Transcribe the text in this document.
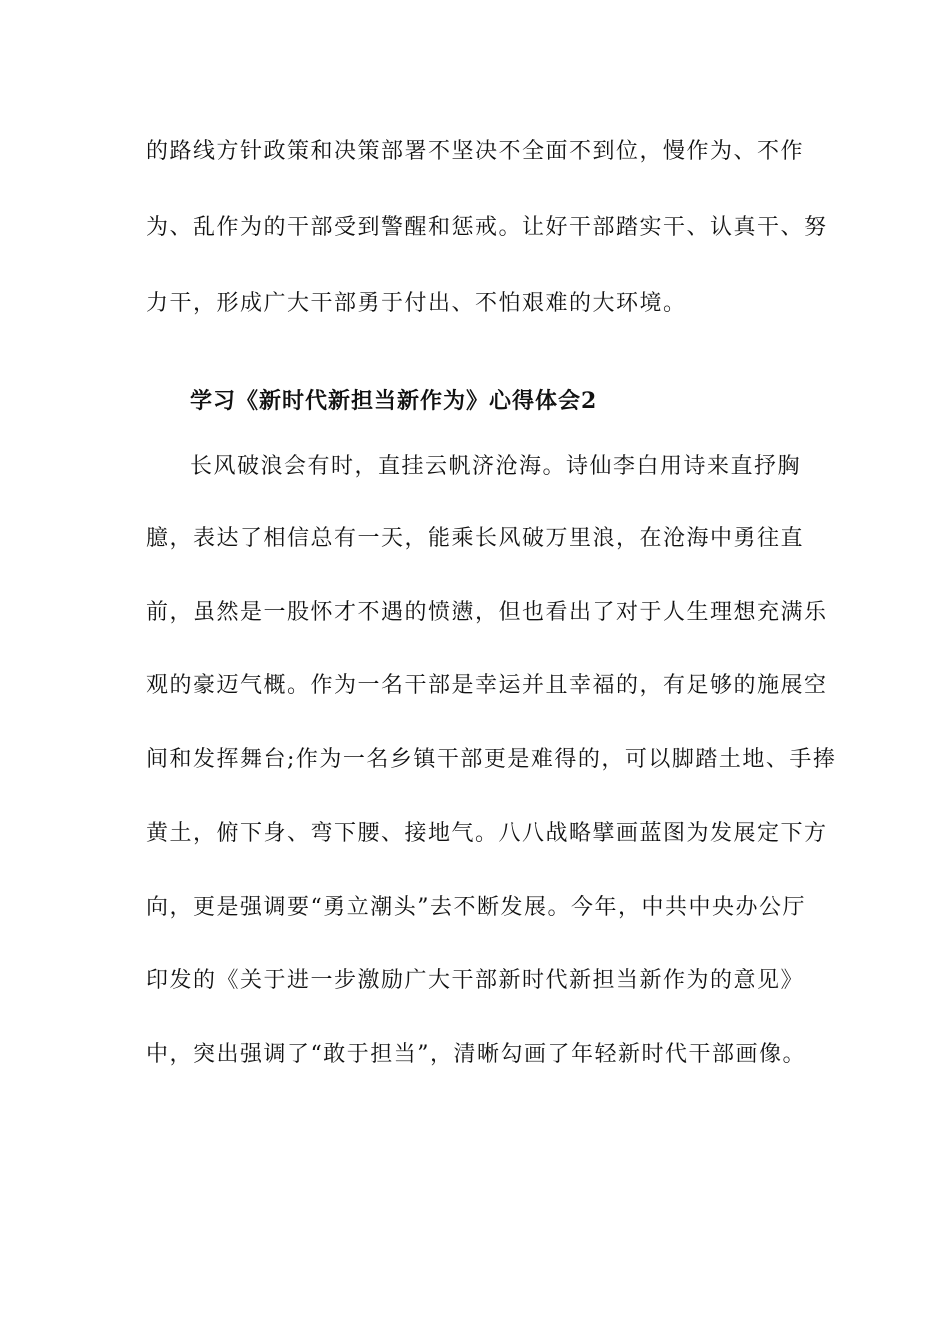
的路线方针政策和决策部署不坚决不全面不到位，慢作为、不作
为、乱作为的干部受到警醒和惩戒。让好干部踏实干、认真干、努
力干，形成广大干部勇于付出、不怕艰难的大环境。
学习《新时代新担当新作为》心得体会2
长风破浪会有时，直挂云帆济沧海。诗仙李白用诗来直抒胸
臆，表达了相信总有一天，能乘长风破万里浪，在沧海中勇往直
前，虽然是一股怀才不遇的愤懑，但也看出了对于人生理想充满乐
观的豪迈气概。作为一名干部是幸运并且幸福的，有足够的施展空
间和发挥舞台;作为一名乡镇干部更是难得的，可以脚踏土地、手捧
黄土，俯下身、弯下腰、接地气。八八战略擘画蓝图为发展定下方
向，更是强调要“勇立潮头”去不断发展。今年，中共中央办公厅
印发的《关于进一步激励广大干部新时代新担当新作为的意见》
中，突出强调了“敢于担当”，清晰勾画了年轻新时代干部画像。
